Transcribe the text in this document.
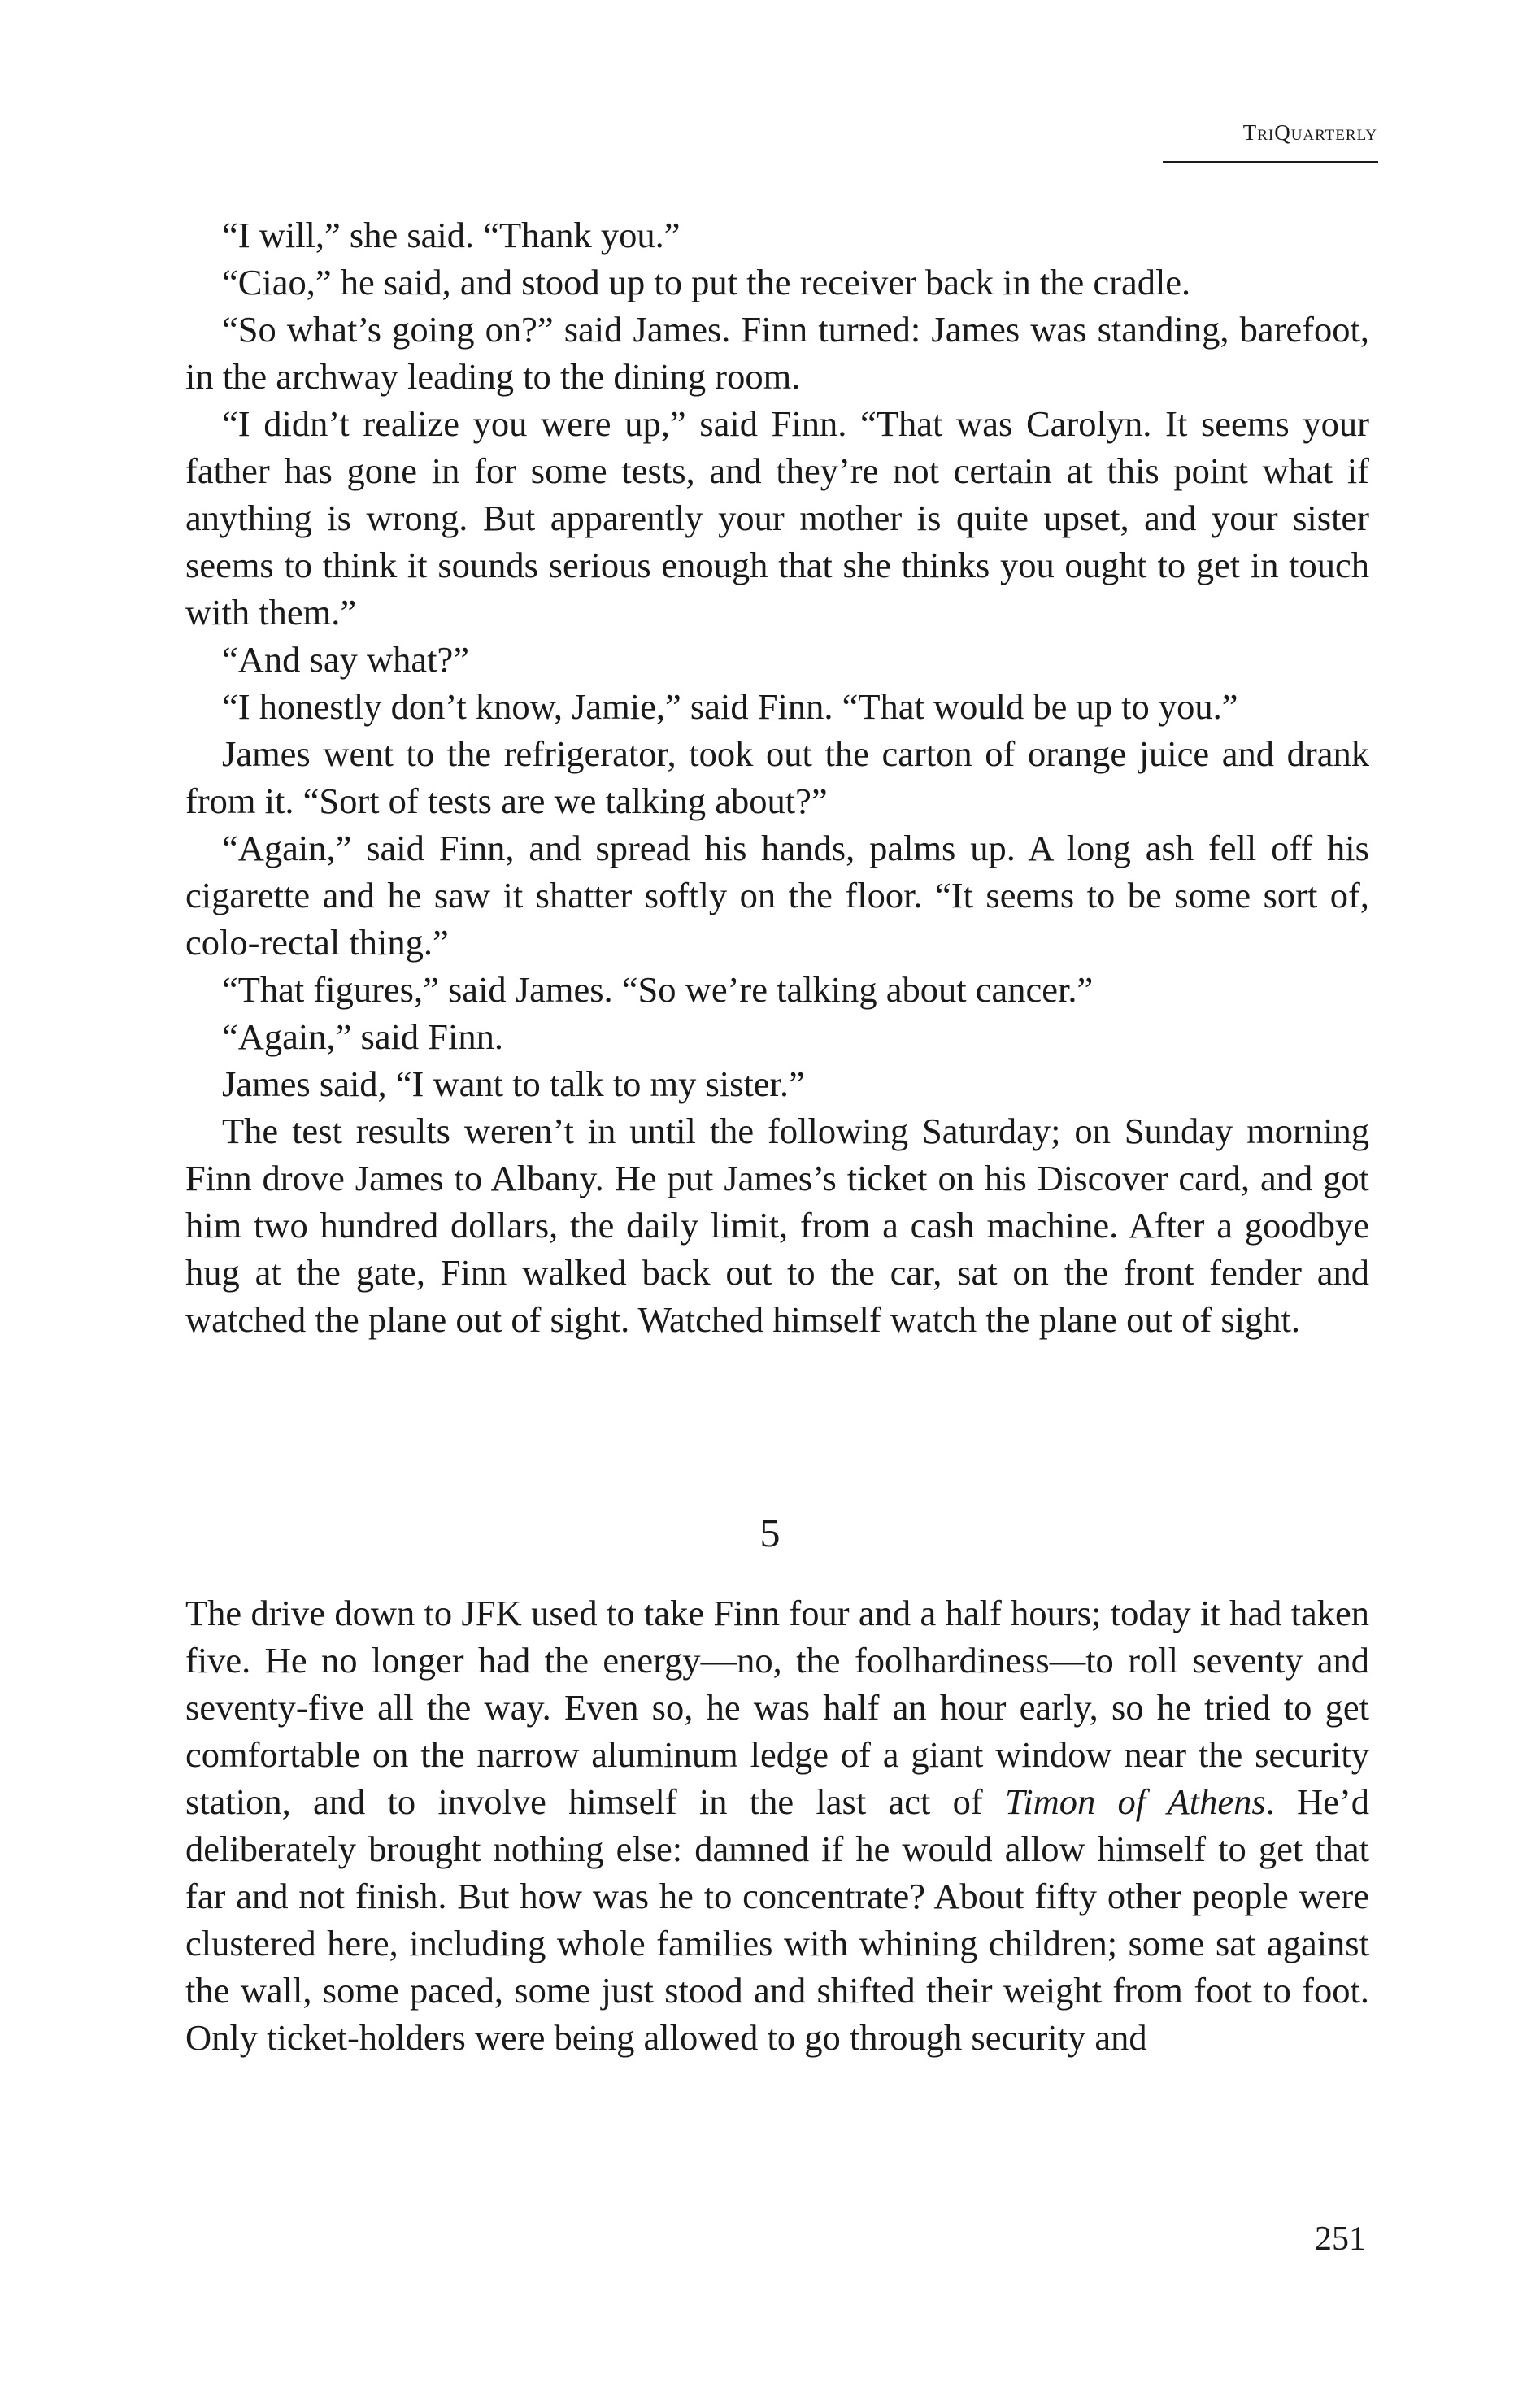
TriQuarterly

“I will,” she said. “Thank you.”

“Ciao,” he said, and stood up to put the receiver back in the cradle.

“So what’s going on?” said James. Finn turned: James was standing, barefoot, in the archway leading to the dining room.

“I didn’t realize you were up,” said Finn. “That was Carolyn. It seems your father has gone in for some tests, and they’re not certain at this point what if anything is wrong. But apparently your mother is quite upset, and your sister seems to think it sounds serious enough that she thinks you ought to get in touch with them.”

“And say what?”

“I honestly don’t know, Jamie,” said Finn. “That would be up to you.”

James went to the refrigerator, took out the carton of orange juice and drank from it. “Sort of tests are we talking about?”

“Again,” said Finn, and spread his hands, palms up. A long ash fell off his cigarette and he saw it shatter softly on the floor. “It seems to be some sort of, colo-rectal thing.”

“That figures,” said James. “So we’re talking about cancer.”

“Again,” said Finn.

James said, “I want to talk to my sister.”

The test results weren’t in until the following Saturday; on Sunday morning Finn drove James to Albany. He put James’s ticket on his Discover card, and got him two hundred dollars, the daily limit, from a cash machine. After a goodbye hug at the gate, Finn walked back out to the car, sat on the front fender and watched the plane out of sight. Watched himself watch the plane out of sight.

5

The drive down to JFK used to take Finn four and a half hours; today it had taken five. He no longer had the energy—no, the foolhardiness—to roll seventy and seventy-five all the way. Even so, he was half an hour early, so he tried to get comfortable on the narrow aluminum ledge of a giant window near the security station, and to involve himself in the last act of Timon of Athens. He’d deliberately brought nothing else: damned if he would allow himself to get that far and not finish. But how was he to concentrate? About fifty other people were clustered here, including whole families with whining children; some sat against the wall, some paced, some just stood and shifted their weight from foot to foot. Only ticket-holders were being allowed to go through security and

251
